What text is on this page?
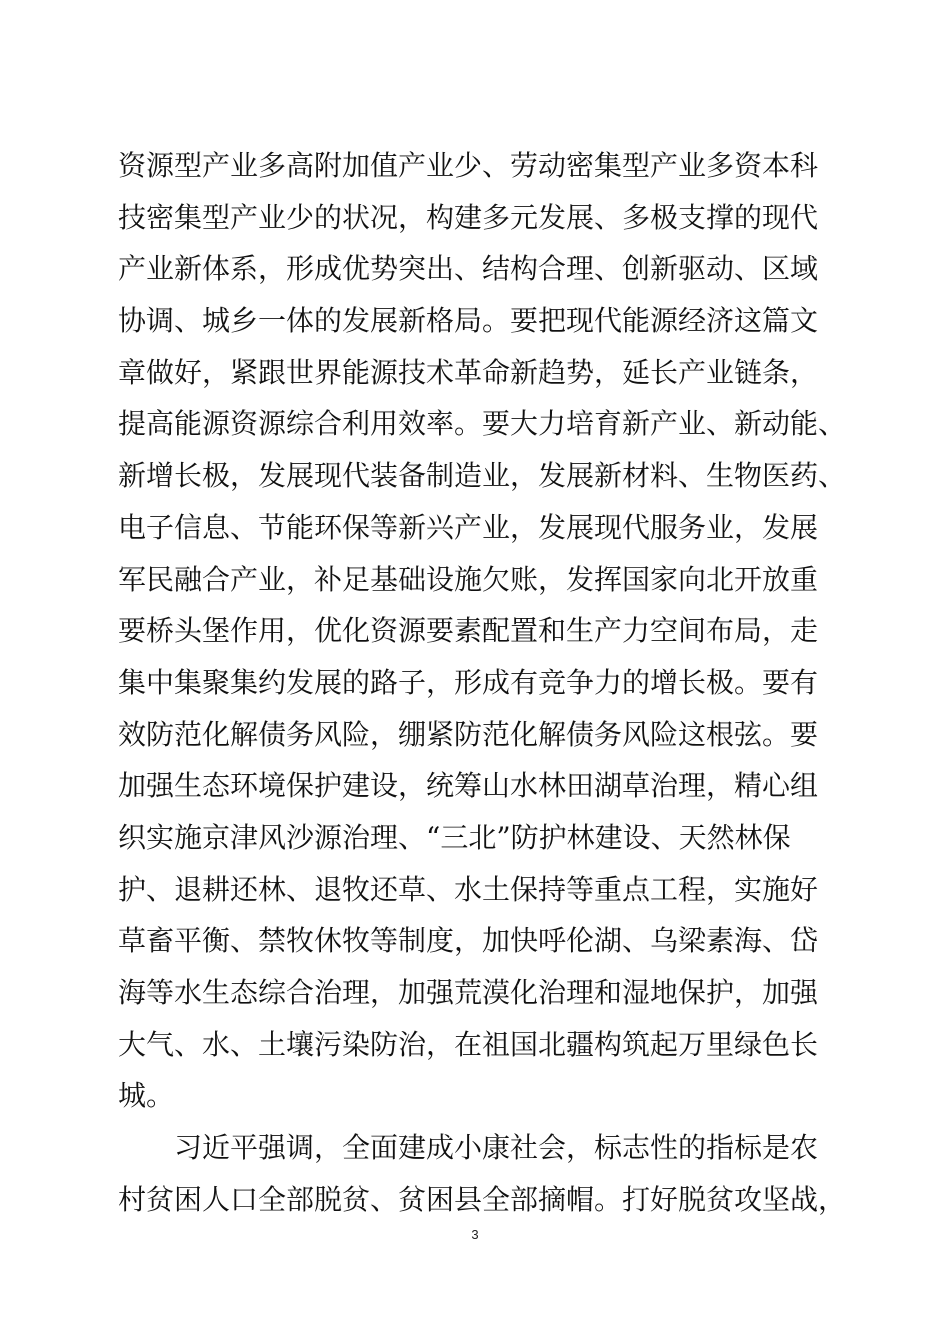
资源型产业多高附加值产业少、劳动密集型产业多资本科
技密集型产业少的状况，构建多元发展、多极支撑的现代
产业新体系，形成优势突出、结构合理、创新驱动、区域
协调、城乡一体的发展新格局。要把现代能源经济这篇文
章做好，紧跟世界能源技术革命新趋势，延长产业链条，
提高能源资源综合利用效率。要大力培育新产业、新动能、
新增长极，发展现代装备制造业，发展新材料、生物医药、
电子信息、节能环保等新兴产业，发展现代服务业，发展
军民融合产业，补足基础设施欠账，发挥国家向北开放重
要桥头堡作用，优化资源要素配置和生产力空间布局，走
集中集聚集约发展的路子，形成有竞争力的增长极。要有
效防范化解债务风险，绷紧防范化解债务风险这根弦。要
加强生态环境保护建设，统筹山水林田湖草治理，精心组
织实施京津风沙源治理、“三北”防护林建设、天然林保
护、退耕还林、退牧还草、水土保持等重点工程，实施好
草畜平衡、禁牧休牧等制度，加快呼伦湖、乌梁素海、岱
海等水生态综合治理，加强荒漠化治理和湿地保护，加强
大气、水、土壤污染防治，在祖国北疆构筑起万里绿色长
城。
习近平强调，全面建成小康社会，标志性的指标是农
村贫困人口全部脱贫、贫困县全部摘帽。打好脱贫攻坚战，
3
